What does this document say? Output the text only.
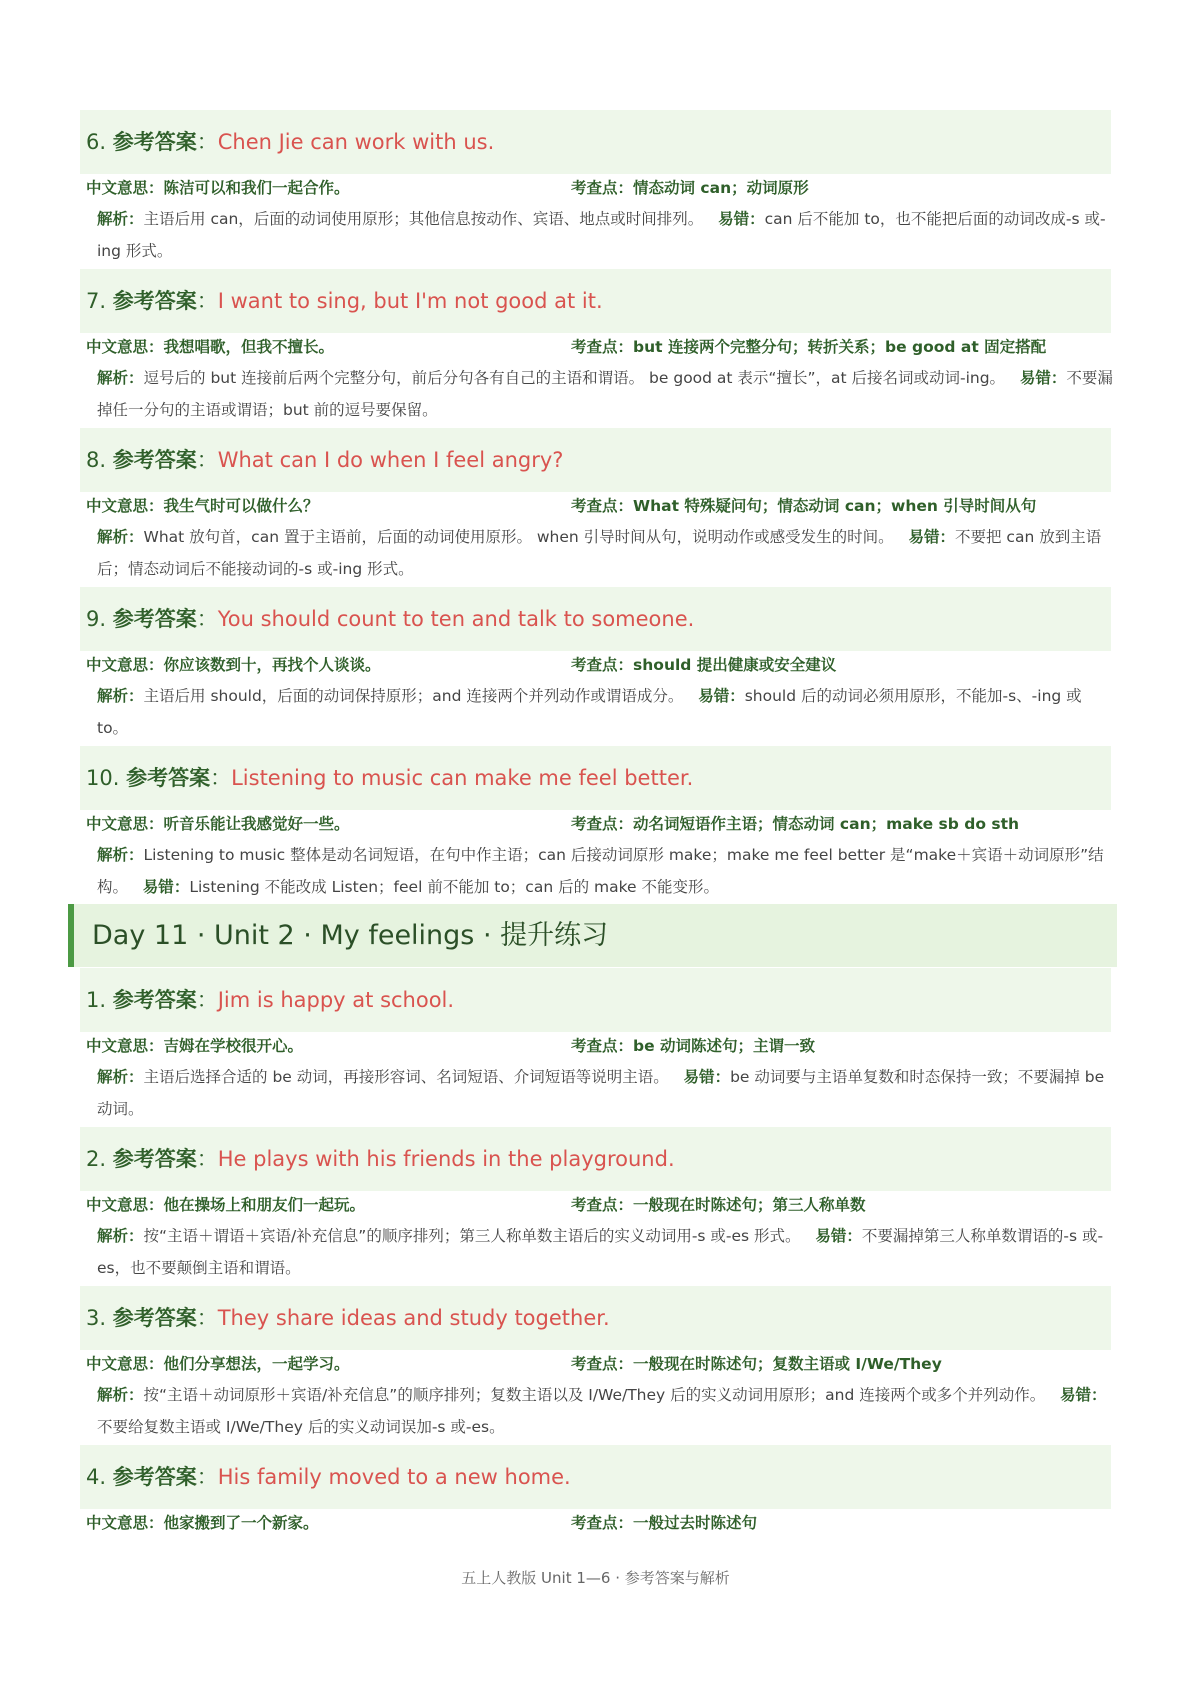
6. 参考答案：Chen Jie can work with us.
中文意思：陈洁可以和我们一起合作。	考查点：情态动词 can；动词原形
解析：主语后用 can，后面的动词使用原形；其他信息按动作、宾语、地点或时间排列。 易错：can 后不能加 to，也不能把后面的动词改成-s 或-ing 形式。
7. 参考答案：I want to sing, but I'm not good at it.
中文意思：我想唱歌，但我不擅长。	考查点：but 连接两个完整分句；转折关系；be good at 固定搭配
解析：逗号后的 but 连接前后两个完整分句，前后分句各有自己的主语和谓语。 be good at 表示“擅长”，at 后接名词或动词-ing。 易错：不要漏掉任一分句的主语或谓语；but 前的逗号要保留。
8. 参考答案：What can I do when I feel angry?
中文意思：我生气时可以做什么？	考查点：What 特殊疑问句；情态动词 can；when 引导时间从句
解析：What 放句首，can 置于主语前，后面的动词使用原形。 when 引导时间从句，说明动作或感受发生的时间。 易错：不要把 can 放到主语后；情态动词后不能接动词的-s 或-ing 形式。
9. 参考答案：You should count to ten and talk to someone.
中文意思：你应该数到十，再找个人谈谈。	考查点：should 提出健康或安全建议
解析：主语后用 should，后面的动词保持原形；and 连接两个并列动作或谓语成分。 易错：should 后的动词必须用原形，不能加-s、-ing 或 to。
10. 参考答案：Listening to music can make me feel better.
中文意思：听音乐能让我感觉好一些。	考查点：动名词短语作主语；情态动词 can；make sb do sth
解析：Listening to music 整体是动名词短语，在句中作主语；can 后接动词原形 make；make me feel better 是“make＋宾语＋动词原形”结构。 易错：Listening 不能改成 Listen；feel 前不能加 to；can 后的 make 不能变形。
Day 11 · Unit 2 · My feelings · 提升练习
1. 参考答案：Jim is happy at school.
中文意思：吉姆在学校很开心。	考查点：be 动词陈述句；主谓一致
解析：主语后选择合适的 be 动词，再接形容词、名词短语、介词短语等说明主语。 易错：be 动词要与主语单复数和时态保持一致；不要漏掉 be 动词。
2. 参考答案：He plays with his friends in the playground.
中文意思：他在操场上和朋友们一起玩。	考查点：一般现在时陈述句；第三人称单数
解析：按“主语＋谓语＋宾语/补充信息”的顺序排列；第三人称单数主语后的实义动词用-s 或-es 形式。 易错：不要漏掉第三人称单数谓语的-s 或-es，也不要颠倒主语和谓语。
3. 参考答案：They share ideas and study together.
中文意思：他们分享想法，一起学习。	考查点：一般现在时陈述句；复数主语或 I/We/They
解析：按“主语＋动词原形＋宾语/补充信息”的顺序排列；复数主语以及 I/We/They 后的实义动词用原形；and 连接两个或多个并列动作。 易错：不要给复数主语或 I/We/They 后的实义动词误加-s 或-es。
4. 参考答案：His family moved to a new home.
中文意思：他家搬到了一个新家。	考查点：一般过去时陈述句
五上人教版 Unit 1—6 · 参考答案与解析
